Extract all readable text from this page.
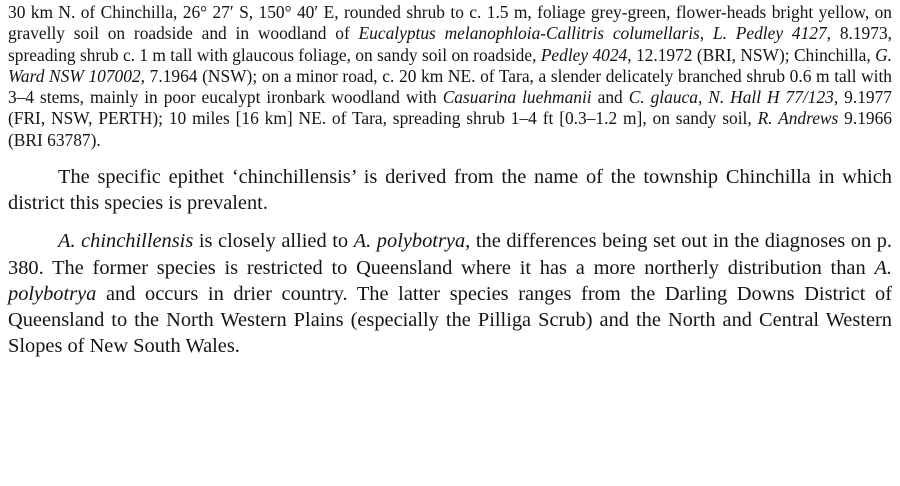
30 km N. of Chinchilla, 26° 27′ S, 150° 40′ E, rounded shrub to c. 1.5 m, foliage grey-green, flower-heads bright yellow, on gravelly soil on roadside and in woodland of Eucalyptus melanophloia-Callitris columellaris, L. Pedley 4127, 8.1973, spreading shrub c. 1 m tall with glaucous foliage, on sandy soil on roadside, Pedley 4024, 12.1972 (BRI, NSW); Chinchilla, G. Ward NSW 107002, 7.1964 (NSW); on a minor road, c. 20 km NE. of Tara, a slender delicately branched shrub 0.6 m tall with 3–4 stems, mainly in poor eucalypt ironbark woodland with Casuarina luehmanii and C. glauca, N. Hall H 77/123, 9.1977 (FRI, NSW, PERTH); 10 miles [16 km] NE. of Tara, spreading shrub 1–4 ft [0.3–1.2 m], on sandy soil, R. Andrews 9.1966 (BRI 63787).

The specific epithet ‘chinchillensis’ is derived from the name of the township Chinchilla in which district this species is prevalent.

A. chinchillensis is closely allied to A. polybotrya, the differences being set out in the diagnoses on p. 380. The former species is restricted to Queensland where it has a more northerly distribution than A. polybotrya and occurs in drier country. The latter species ranges from the Darling Downs District of Queensland to the North Western Plains (especially the Pilliga Scrub) and the North and Central Western Slopes of New South Wales.
